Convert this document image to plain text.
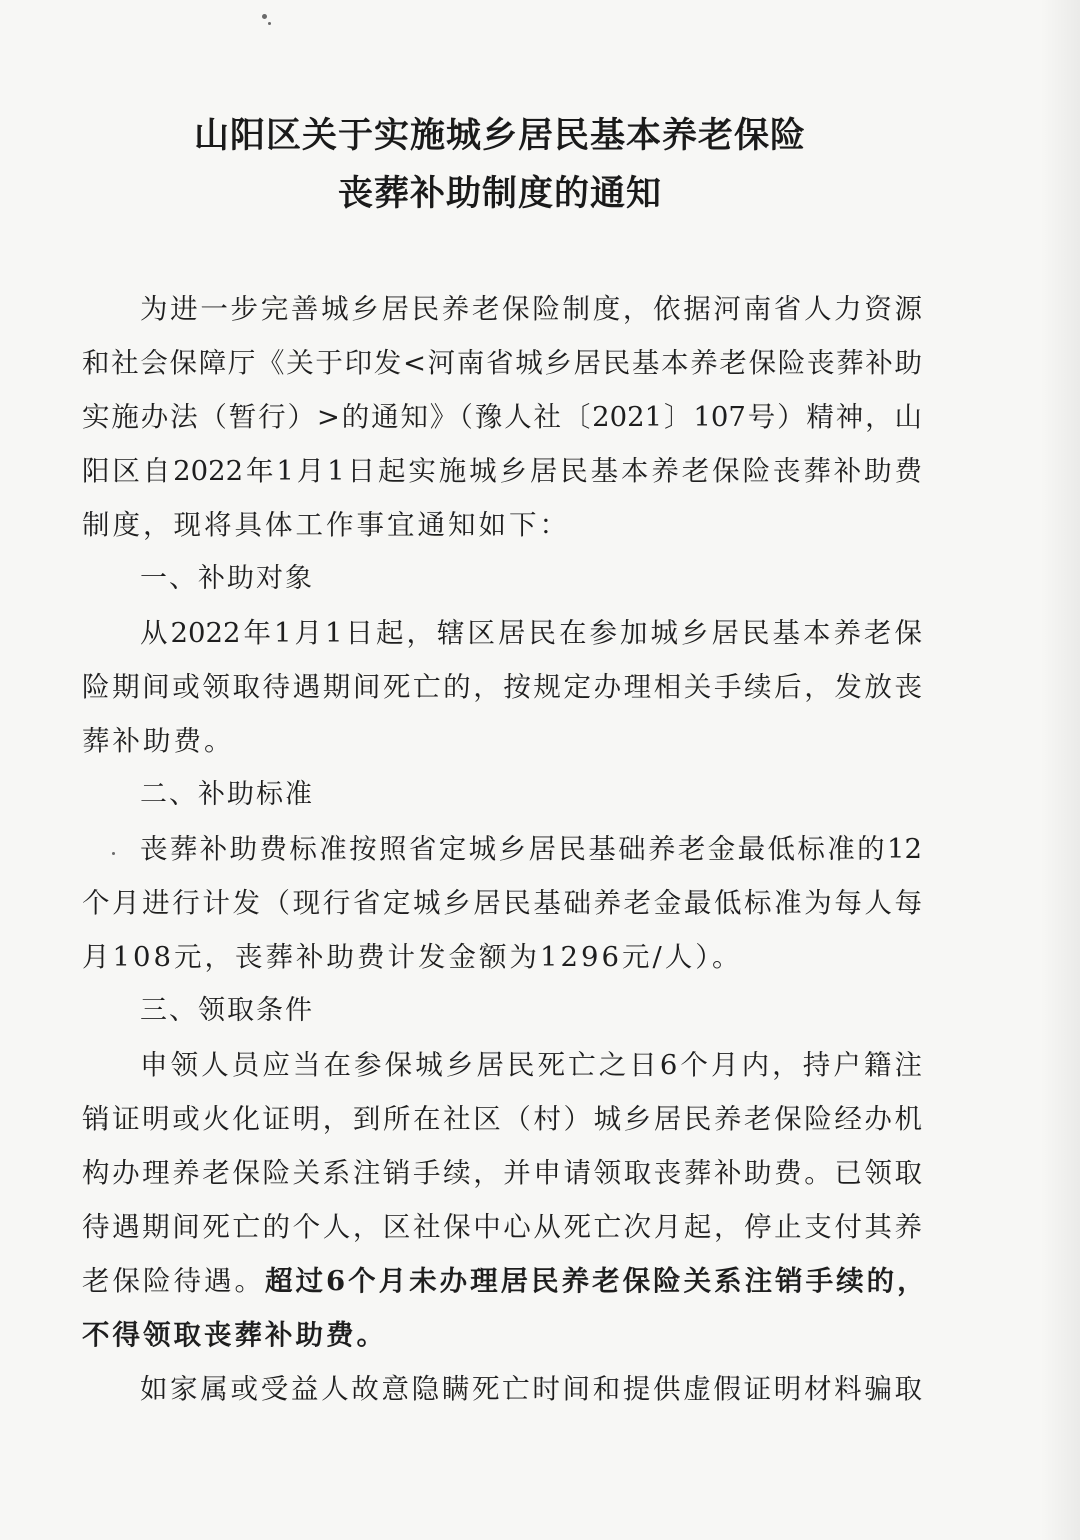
山阳区关于实施城乡居民基本养老保险
丧葬补助制度的通知
为进一步完善城乡居民养老保险制度，依据河南省人力资源
和社会保障厅《关于印发<河南省城乡居民基本养老保险丧葬补助
实施办法（暂行）>的通知》（豫人社〔2021〕107号）精神，山
阳区自2022年1月1日起实施城乡居民基本养老保险丧葬补助费
制度，现将具体工作事宜通知如下：
一、补助对象
从2022年1月1日起，辖区居民在参加城乡居民基本养老保
险期间或领取待遇期间死亡的，按规定办理相关手续后，发放丧
葬补助费。
二、补助标准
丧葬补助费标准按照省定城乡居民基础养老金最低标准的12
个月进行计发（现行省定城乡居民基础养老金最低标准为每人每
月108元，丧葬补助费计发金额为1296元/人）。
三、领取条件
申领人员应当在参保城乡居民死亡之日6个月内，持户籍注
销证明或火化证明，到所在社区（村）城乡居民养老保险经办机
构办理养老保险关系注销手续，并申请领取丧葬补助费。已领取
待遇期间死亡的个人，区社保中心从死亡次月起，停止支付其养
老保险待遇。超过6个月未办理居民养老保险关系注销手续的，
不得领取丧葬补助费。
如家属或受益人故意隐瞒死亡时间和提供虚假证明材料骗取
